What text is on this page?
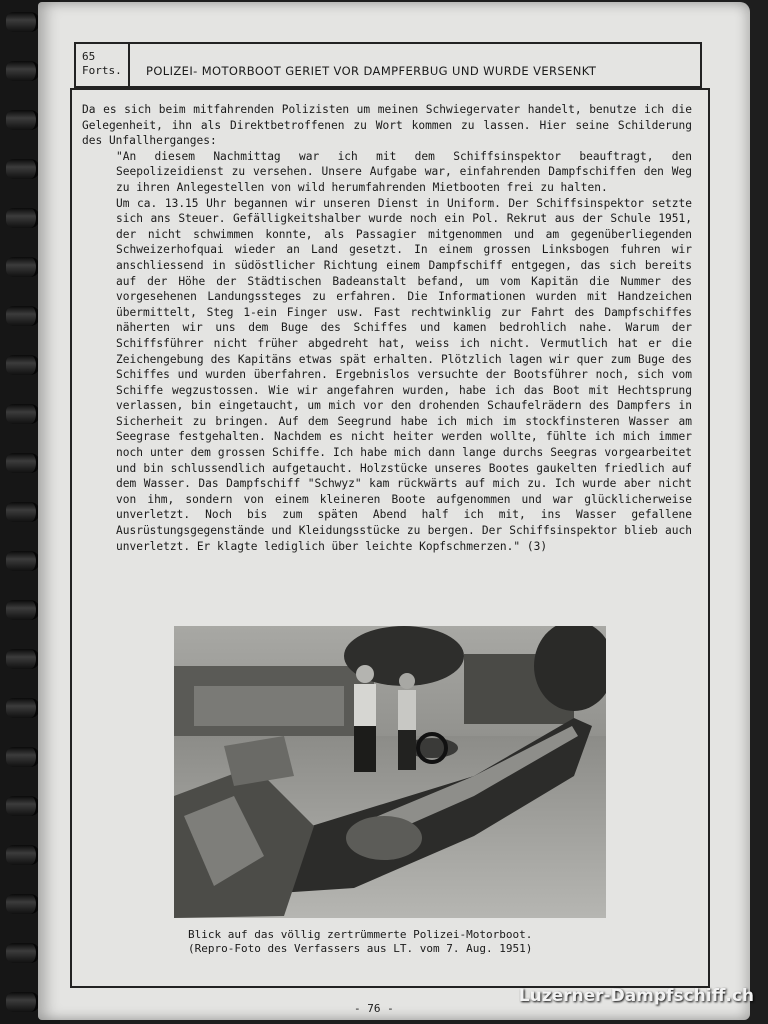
65
Forts.	POLIZEI- MOTORBOOT GERIET VOR DAMPFERBUG UND WURDE VERSENKT

Da es sich beim mitfahrenden Polizisten um meinen Schwiegervater handelt, benutze ich die Gelegenheit, ihn als Direktbetroffenen zu Wort kommen zu lassen. Hier seine Schilderung des Unfallherganges:

"An diesem Nachmittag war ich mit dem Schiffsinspektor beauftragt, den Seepolizeidienst zu versehen. Unsere Aufgabe war, einfahrenden Dampfschiffen den Weg zu ihren Anlegestellen von wild herumfahrenden Mietbooten frei zu halten.

Um ca. 13.15 Uhr begannen wir unseren Dienst in Uniform. Der Schiffsinspektor setzte sich ans Steuer. Gefälligkeitshalber wurde noch ein Pol. Rekrut aus der Schule 1951, der nicht schwimmen konnte, als Passagier mitgenommen und am gegenüberliegenden Schweizerhofquai wieder an Land gesetzt. In einem grossen Linksbogen fuhren wir anschliessend in südöstlicher Richtung einem Dampfschiff entgegen, das sich bereits auf der Höhe der Städtischen Badeanstalt befand, um vom Kapitän die Nummer des vorgesehenen Landungssteges zu erfahren. Die Informationen wurden mit Handzeichen übermittelt, Steg 1-ein Finger usw. Fast rechtwinklig zur Fahrt des Dampfschiffes näherten wir uns dem Buge des Schiffes und kamen bedrohlich nahe. Warum der Schiffsführer nicht früher abgedreht hat, weiss ich nicht. Vermutlich hat er die Zeichengebung des Kapitäns etwas spät erhalten. Plötzlich lagen wir quer zum Buge des Schiffes und wurden überfahren. Ergebnislos versuchte der Bootsführer noch, sich vom Schiffe wegzustossen. Wie wir angefahren wurden, habe ich das Boot mit Hechtsprung verlassen, bin eingetaucht, um mich vor den drohenden Schaufelrädern des Dampfers in Sicherheit zu bringen. Auf dem Seegrund habe ich mich im stockfinsteren Wasser am Seegrase festgehalten. Nachdem es nicht heiter werden wollte, fühlte ich mich immer noch unter dem grossen Schiffe. Ich habe mich dann lange durchs Seegras vorgearbeitet und bin schlussendlich aufgetaucht. Holzstücke unseres Bootes gaukelten friedlich auf dem Wasser. Das Dampfschiff "Schwyz" kam rückwärts auf mich zu. Ich wurde aber nicht von ihm, sondern von einem kleineren Boote aufgenommen und war glücklicherweise unverletzt. Noch bis zum späten Abend half ich mit, ins Wasser gefallene Ausrüstungsgegenstände und Kleidungsstücke zu bergen. Der Schiffsinspektor blieb auch unverletzt. Er klagte lediglich über leichte Kopfschmerzen." (3)

Blick auf das völlig zertrümmerte Polizei-Motorboot.
(Repro-Foto des Verfassers aus LT. vom 7. Aug. 1951)
- 76 -
Luzerner-Dampfschiff.ch
